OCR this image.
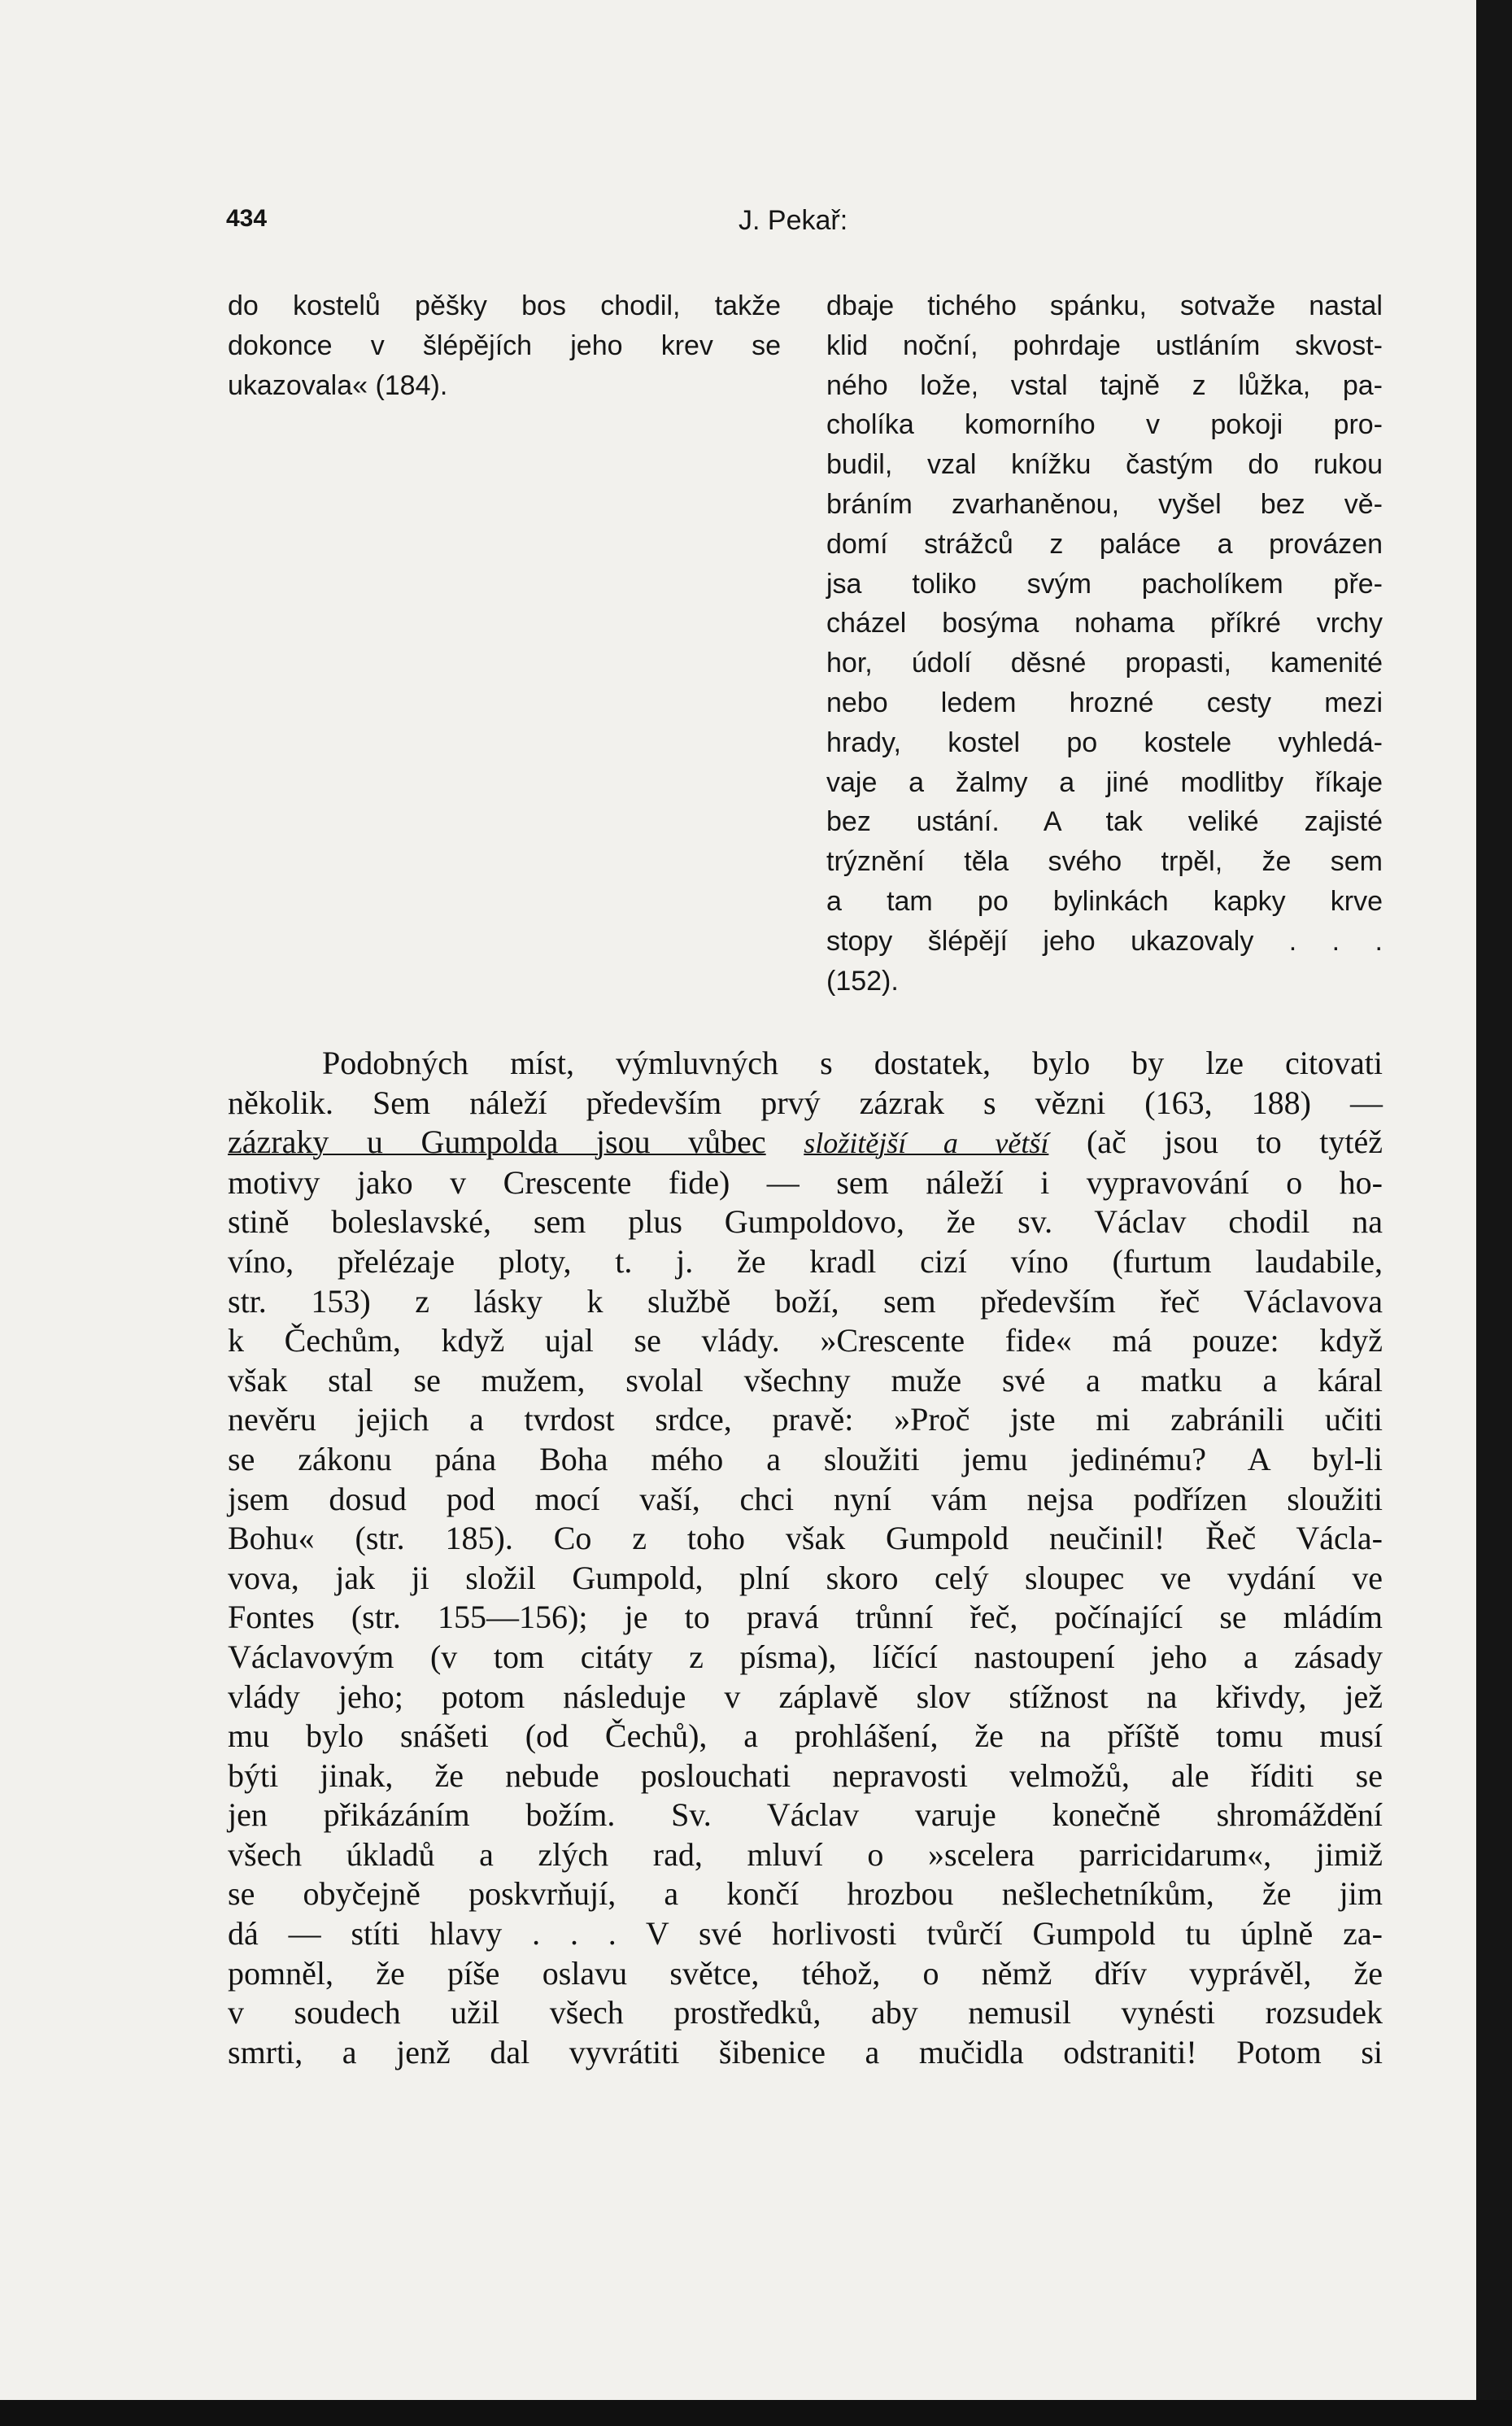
434	J. Pekař:
do kostelů pěšky bos chodil, takže
dokonce v šlépějích jeho krev se
ukazovala« (184).
dbaje tichého spánku, sotvaže nastal
klid noční, pohrdaje ustláním skvost-
ného lože, vstal tajně z lůžka, pa-
cholíka komorního v pokoji pro-
budil, vzal knížku častým do rukou
bráním zvarhaněnou, vyšel bez vě-
domí strážců z paláce a provázen
jsa toliko svým pacholíkem pře-
cházel bosýma nohama příkré vrchy
hor, údolí děsné propasti, kamenité
nebo ledem hrozné cesty mezi
hrady, kostel po kostele vyhledá-
vaje a žalmy a jiné modlitby říkaje
bez ustání. A tak veliké zajisté
trýznění těla svého trpěl, že sem
a tam po bylinkách kapky krve
stopy šlépějí jeho ukazovaly . . .
(152).
Podobných míst, výmluvných s dostatek, bylo by lze citovati
několik. Sem náleží především prvý zázrak s vězni (163, 188) —
zázraky u Gumpolda jsou vůbec složitější a větší (ač jsou to tytéž
motivy jako v Crescente fide) — sem náleží i vypravování o ho-
stině boleslavské, sem plus Gumpoldovo, že sv. Václav chodil na
víno, přelézaje ploty, t. j. že kradl cizí víno (furtum laudabile,
str. 153) z lásky k službě boží, sem především řeč Václavova
k Čechům, když ujal se vlády. »Crescente fide« má pouze: když
však stal se mužem, svolal všechny muže své a matku a káral
nevěru jejich a tvrdost srdce, pravě: »Proč jste mi zabránili učiti
se zákonu pána Boha mého a sloužiti jemu jedinému? A byl-li
jsem dosud pod mocí vaší, chci nyní vám nejsa podřízen sloužiti
Bohu« (str. 185). Co z toho však Gumpold neučinil! Řeč Václa-
vova, jak ji složil Gumpold, plní skoro celý sloupec ve vydání ve
Fontes (str. 155—156); je to pravá trůnní řeč, počínající se mládím
Václavovým (v tom citáty z písma), líčící nastoupení jeho a zásady
vlády jeho; potom následuje v záplavě slov stížnost na křivdy, jež
mu bylo snášeti (od Čechů), a prohlášení, že na příště tomu musí
býti jinak, že nebude poslouchati nepravosti velmožů, ale říditi se
jen přikázáním božím. Sv. Václav varuje konečně shromáždění
všech úkladů a zlých rad, mluví o »scelera parricidarum«, jimiž
se obyčejně poskvrňují, a končí hrozbou nešlechetníkům, že jim
dá — stíti hlavy . . . V své horlivosti tvůrčí Gumpold tu úplně za-
pomněl, že píše oslavu světce, téhož, o němž dřív vyprávěl, že
v soudech užil všech prostředků, aby nemusil vynésti rozsudek
smrti, a jenž dal vyvrátiti šibenice a mučidla odstraniti! Potom si
